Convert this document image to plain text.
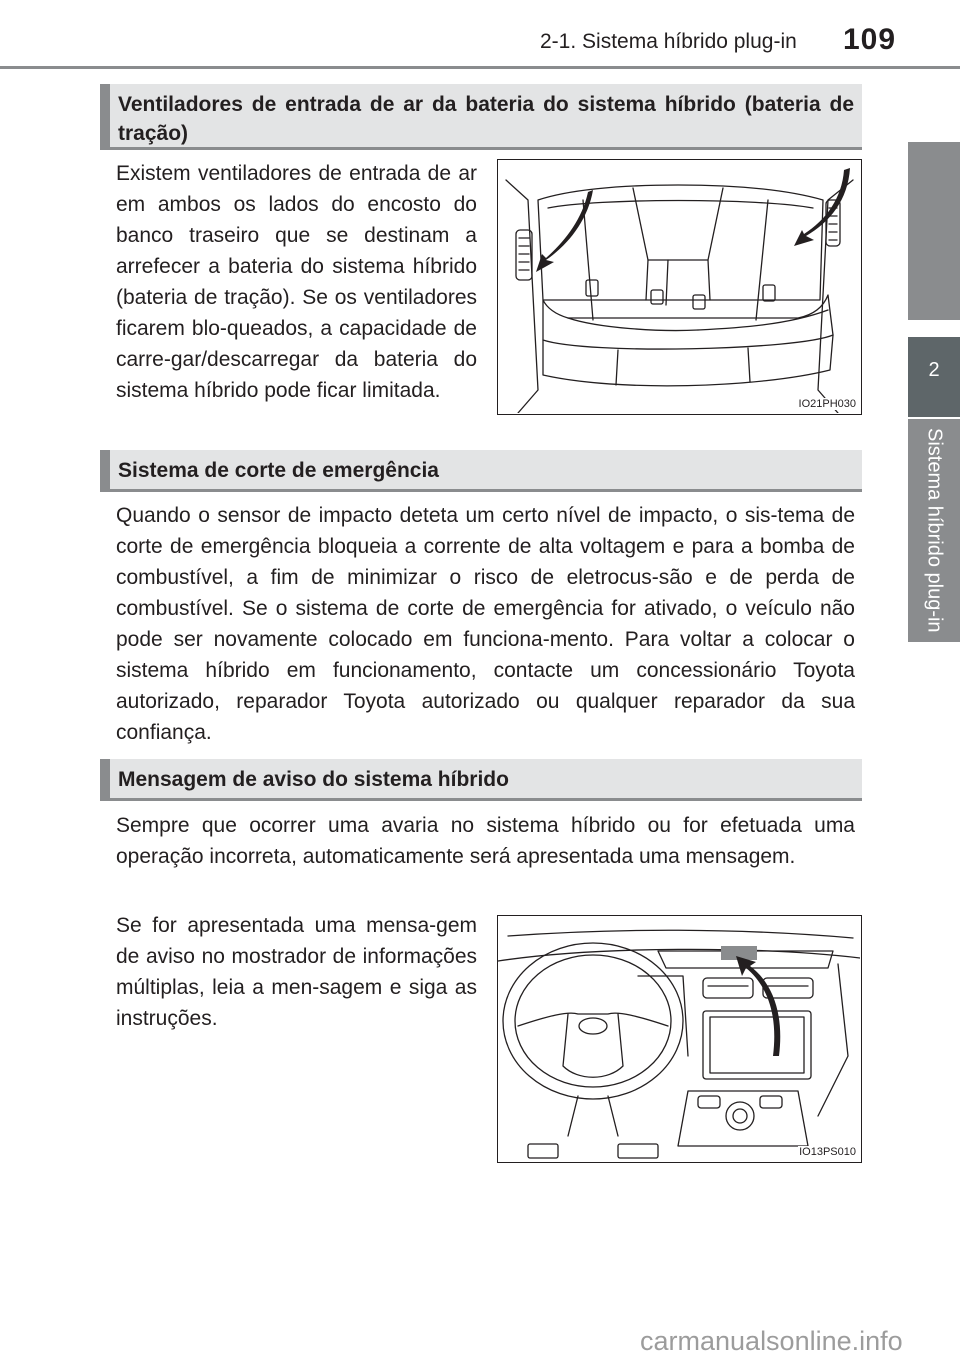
2-1. Sistema híbrido plug-in 109
2
Sistema híbrido plug-in
Ventiladores de entrada de ar da bateria do sistema híbrido (bateria de tração)
Existem ventiladores de entrada de ar em ambos os lados do encosto do banco traseiro que se destinam a arrefecer a bateria do sistema híbrido (bateria de tração). Se os ventiladores ficarem blo-queados, a capacidade de carre-gar/descarregar da bateria do sistema híbrido pode ficar limitada.
IO21PH030
Sistema de corte de emergência
Quando o sensor de impacto deteta um certo nível de impacto, o sis-tema de corte de emergência bloqueia a corrente de alta voltagem e para a bomba de combustível, a fim de minimizar o risco de eletrocus-são e de perda de combustível. Se o sistema de corte de emergência for ativado, o veículo não pode ser novamente colocado em funciona-mento. Para voltar a colocar o sistema híbrido em funcionamento, contacte um concessionário Toyota autorizado, reparador Toyota autorizado ou qualquer reparador da sua confiança.
Mensagem de aviso do sistema híbrido
Sempre que ocorrer uma avaria no sistema híbrido ou for efetuada uma operação incorreta, automaticamente será apresentada uma mensagem.
Se for apresentada uma mensa-gem de aviso no mostrador de informações múltiplas, leia a men-sagem e siga as instruções.
IO13PS010
carmanualsonline.info
